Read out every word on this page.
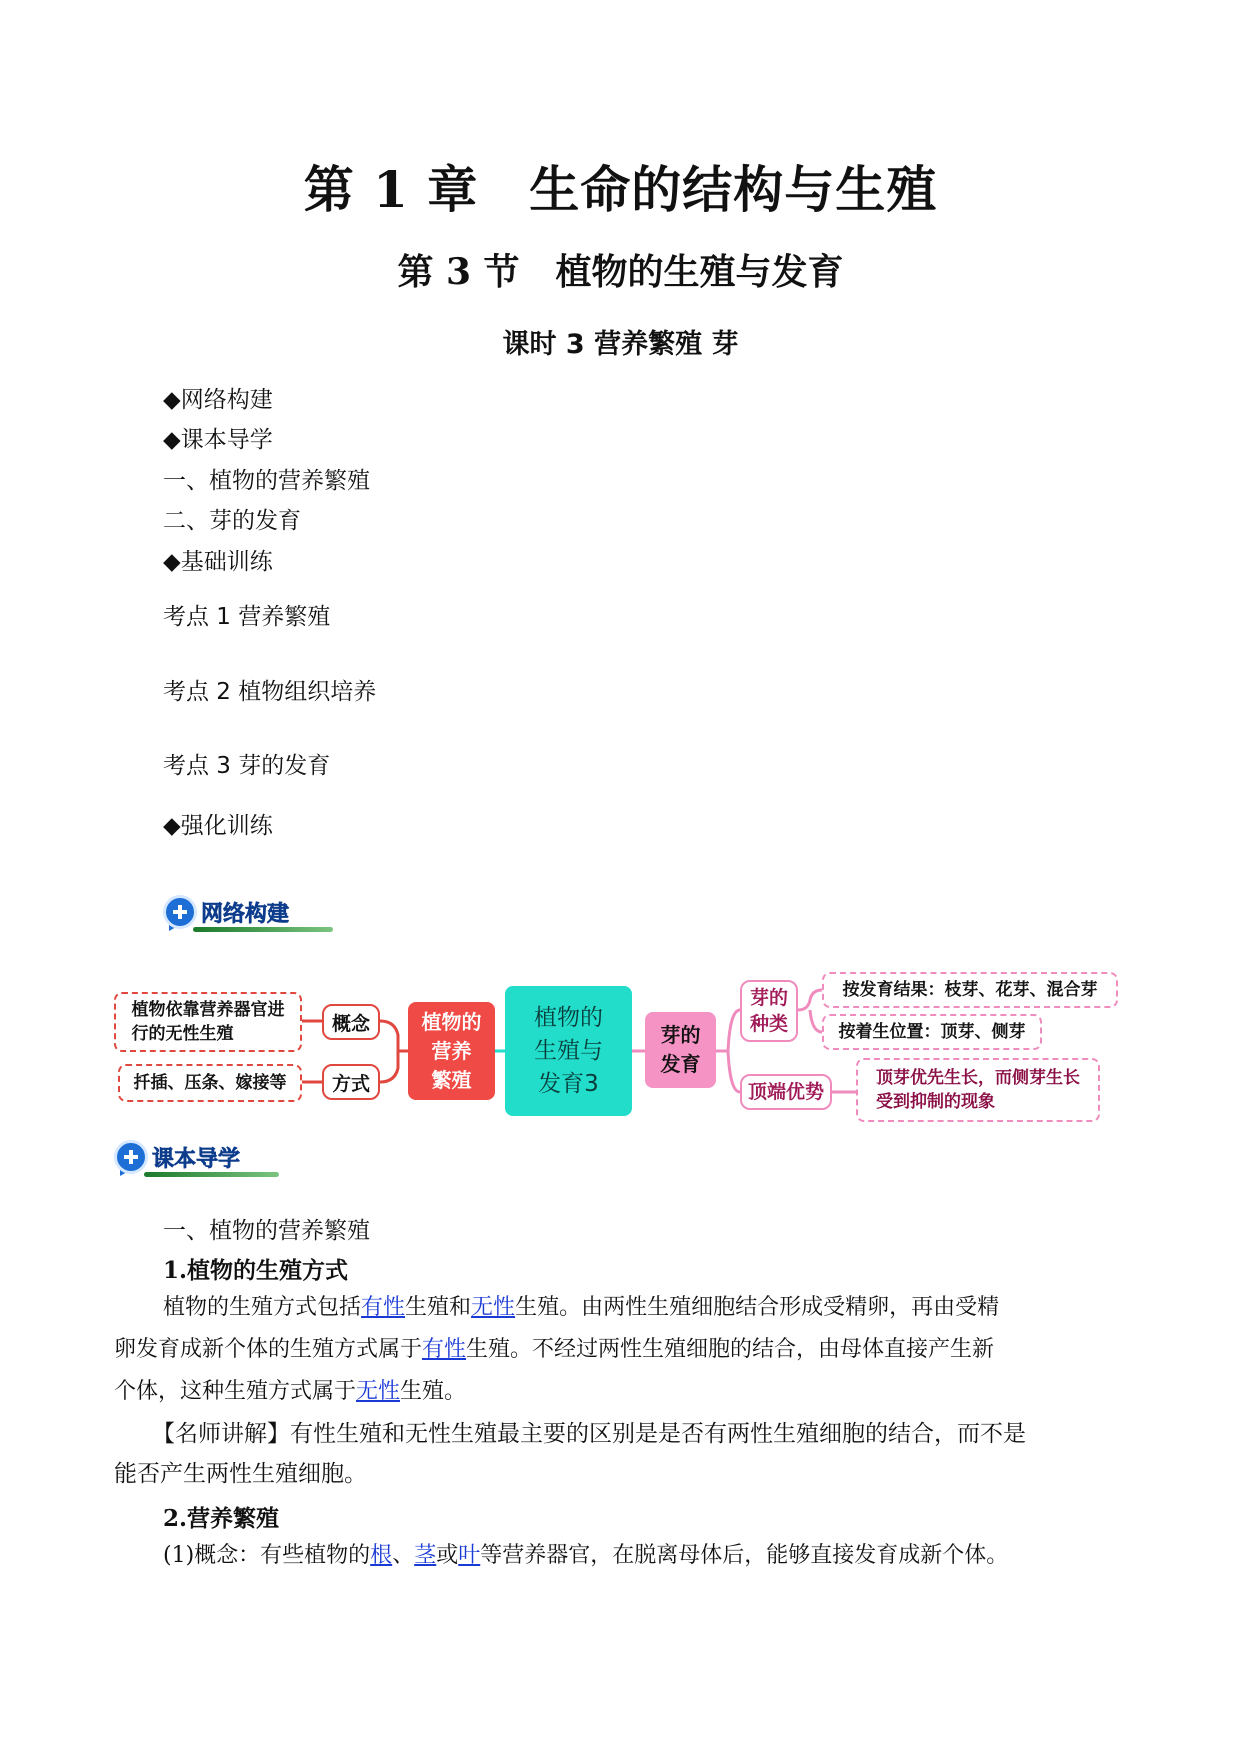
第 1 章　生命的结构与生殖
第 3 节　植物的生殖与发育
课时 3 营养繁殖 芽
◆网络构建
◆课本导学
一、植物的营养繁殖
二、芽的发育
◆基础训练
考点 1 营养繁殖
考点 2 植物组织培养
考点 3 芽的发育
◆强化训练
网络构建
植物依靠营养器官进
行的无性生殖
扦插、压条、嫁接等
概念
方式
植物的
营养
繁殖
植物的
生殖与
发育3
芽的
发育
芽的
种类
按发育结果：枝芽、花芽、混合芽
按着生位置：顶芽、侧芽
顶端优势
顶芽优先生长，而侧芽生长
受到抑制的现象
课本导学
一、植物的营养繁殖
1.植物的生殖方式
植物的生殖方式包括有性生殖和无性生殖。由两性生殖细胞结合形成受精卵，再由受精
卵发育成新个体的生殖方式属于有性生殖。不经过两性生殖细胞的结合，由母体直接产生新
个体，这种生殖方式属于无性生殖。
【名师讲解】有性生殖和无性生殖最主要的区别是是否有两性生殖细胞的结合，而不是
能否产生两性生殖细胞。
2.营养繁殖
(1)概念：有些植物的根、茎或叶等营养器官，在脱离母体后，能够直接发育成新个体。
